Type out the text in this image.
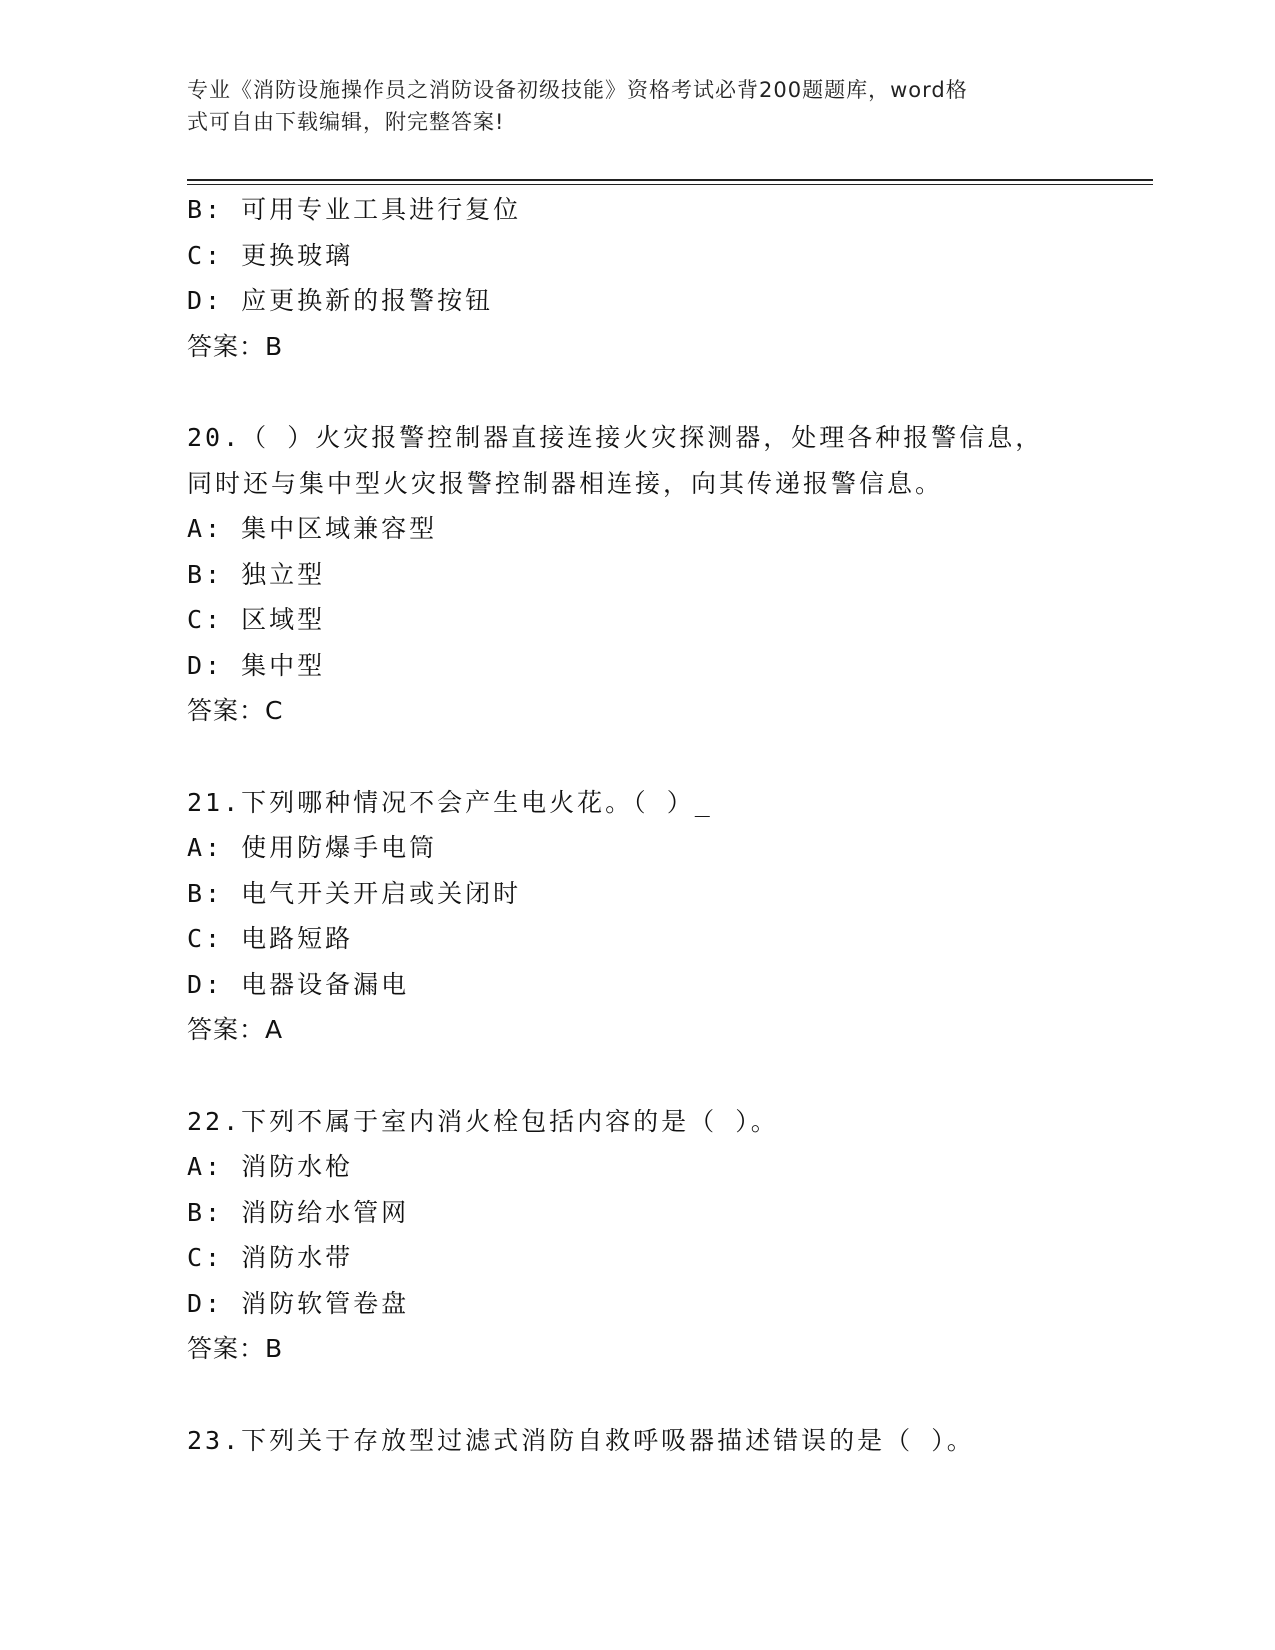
专业《消防设施操作员之消防设备初级技能》资格考试必背200题题库，word格
式可自由下载编辑，附完整答案!
B: 可用专业工具进行复位
C: 更换玻璃
D: 应更换新的报警按钮
答案：B
20.（ ）火灾报警控制器直接连接火灾探测器，处理各种报警信息，
同时还与集中型火灾报警控制器相连接，向其传递报警信息。
A: 集中区域兼容型
B: 独立型
C: 区域型
D: 集中型
答案：C
21.下列哪种情况不会产生电火花。（ ）_
A: 使用防爆手电筒
B: 电气开关开启或关闭时
C: 电路短路
D: 电器设备漏电
答案：A
22.下列不属于室内消火栓包括内容的是（ ）。
A: 消防水枪
B: 消防给水管网
C: 消防水带
D: 消防软管卷盘
答案：B
23.下列关于存放型过滤式消防自救呼吸器描述错误的是（ ）。
